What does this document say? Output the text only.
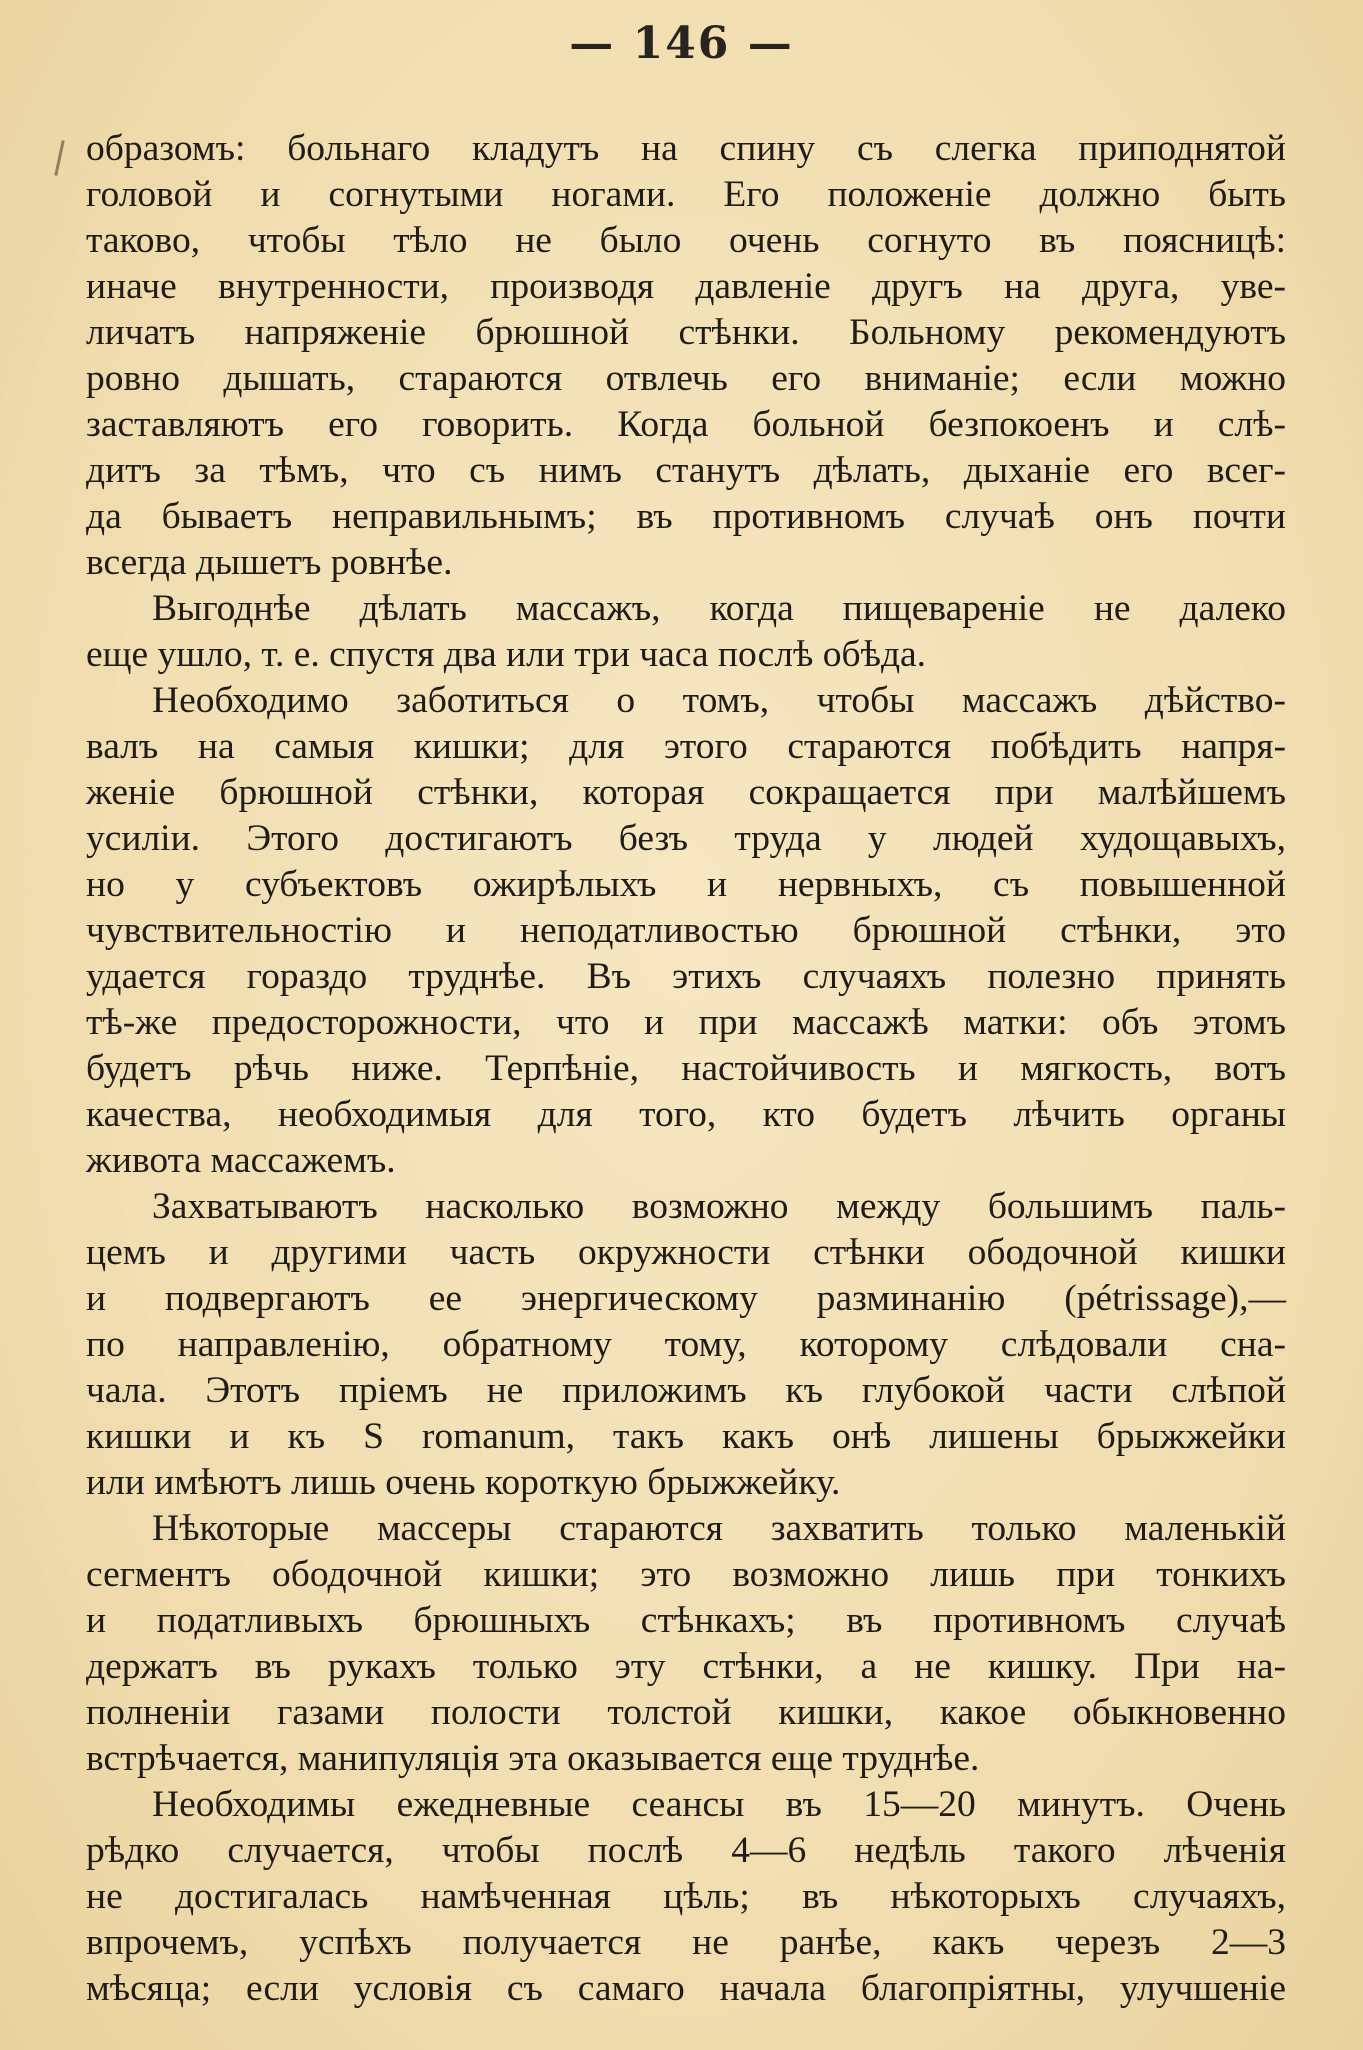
— 146 —
образомъ: больнаго кладутъ на спину съ слегка приподнятой
головой и согнутыми ногами. Его положеніе должно быть
таково, чтобы тѣло не было очень согнуто въ поясницѣ:
иначе внутренности, производя давленіе другъ на друга, уве-
личатъ напряженіе брюшной стѣнки. Больному рекомендуютъ
ровно дышать, стараются отвлечь его вниманіе; если можно
заставляютъ его говорить. Когда больной безпокоенъ и слѣ-
дитъ за тѣмъ, что съ нимъ станутъ дѣлать, дыханіе его всег-
да бываетъ неправильнымъ; въ противномъ случаѣ онъ почти
всегда дышетъ ровнѣе.
Выгоднѣе дѣлать массажъ, когда пищевареніе не далеко
еще ушло, т. е. спустя два или три часа послѣ обѣда.
Необходимо заботиться о томъ, чтобы массажъ дѣйство-
валъ на самыя кишки; для этого стараются побѣдить напря-
женіе брюшной стѣнки, которая сокращается при малѣйшемъ
усиліи. Этого достигаютъ безъ труда у людей худощавыхъ,
но у субъектовъ ожирѣлыхъ и нервныхъ, съ повышенной
чувствительностію и неподатливостью брюшной стѣнки, это
удается гораздо труднѣе. Въ этихъ случаяхъ полезно принять
тѣ-же предосторожности, что и при массажѣ матки: объ этомъ
будетъ рѣчь ниже. Терпѣніе, настойчивость и мягкость, вотъ
качества, необходимыя для того, кто будетъ лѣчить органы
живота массажемъ.
Захватываютъ насколько возможно между большимъ паль-
цемъ и другими часть окружности стѣнки ободочной кишки
и подвергаютъ ее энергическому разминанію (pétrissage),—
по направленію, обратному тому, которому слѣдовали сна-
чала. Этотъ пріемъ не приложимъ къ глубокой части слѣпой
кишки и къ S romanum, такъ какъ онѣ лишены брыжжейки
или имѣютъ лишь очень короткую брыжжейку.
Нѣкоторые массеры стараются захватить только маленькій
сегментъ ободочной кишки; это возможно лишь при тонкихъ
и податливыхъ брюшныхъ стѣнкахъ; въ противномъ случаѣ
держатъ въ рукахъ только эту стѣнки, а не кишку. При на-
полненіи газами полости толстой кишки, какое обыкновенно
встрѣчается, манипуляція эта оказывается еще труднѣе.
Необходимы ежедневные сеансы въ 15—20 минутъ. Очень
рѣдко случается, чтобы послѣ 4—6 недѣль такого лѣченія
не достигалась намѣченная цѣль; въ нѣкоторыхъ случаяхъ,
впрочемъ, успѣхъ получается не ранѣе, какъ черезъ 2—3
мѣсяца; если условія съ самаго начала благопріятны, улучшеніе
